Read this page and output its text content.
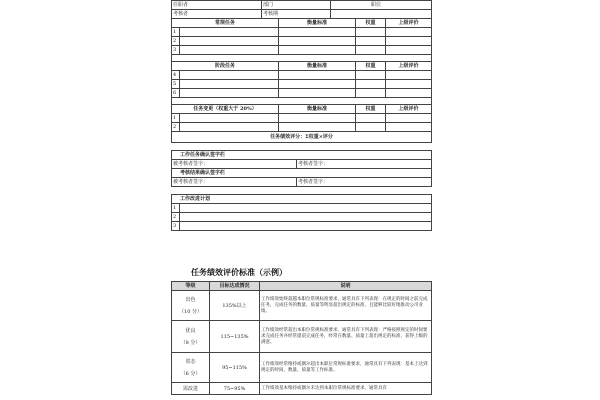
任职者		部门		职位		
考核者		考核期				
常规任务			衡量标准		权重	上级评价
1						
2						
3						

阶段任务			衡量标准		权重	上级评价
4						
5						
6						

任务变更（权重大于 20%）			衡量标准		权重	上级评价
1						
2						
任务绩效评分：Σ权重×评分						
工作任务确认签字栏	
被考核者签字：	考核者签字：
考核结果确认签字栏	
被考核者签字：	考核者签字：
工作改进计划	
1	
2	
3	
任务绩效评价标准（示例）
等级	目标达成情况	说明
出色

（10 分）	135%以上	工作绩效始终超越本职位常规标准要求，通常具有下列表现：在规定的时间之前完成任务，完成任务的数量、质量等明显超出规定的标准，且能够比较好地推动公司业绩。
优良

（8 分）	115~135%	工作绩效经常超出本职位常规标准要求，通常具有下列表现：严格按照规定的时间要求完成任务并经常提前完成任务，经常在数量、质量上超出规定的标准，获得上级的满意。
常态

（6 分）	95~115%	工作绩效经常维持或偶尔超出本职位常规标准要求，通常具有下列表现：基本上达到规定的时间、数量、质量等工作标准。
需改进	75~95%	工作绩效基本维持或偶尔未达到本职位常规标准要求，通常具有
